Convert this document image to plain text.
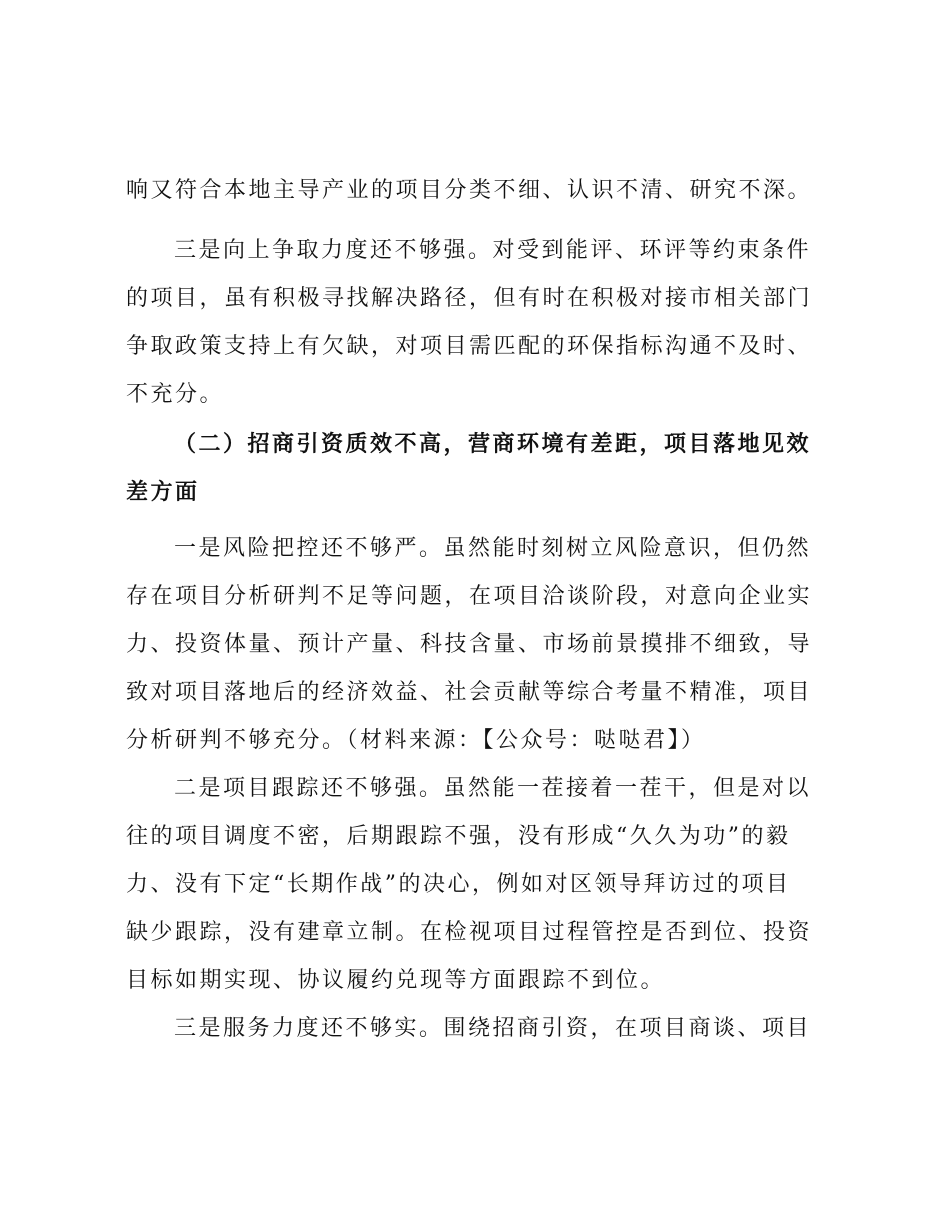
响又符合本地主导产业的项目分类不细、认识不清、研究不深。
三是向上争取力度还不够强。对受到能评、环评等约束条件
的项目，虽有积极寻找解决路径，但有时在积极对接市相关部门
争取政策支持上有欠缺，对项目需匹配的环保指标沟通不及时、
不充分。
（二）招商引资质效不高，营商环境有差距，项目落地见效
差方面
一是风险把控还不够严。虽然能时刻树立风险意识，但仍然
存在项目分析研判不足等问题，在项目洽谈阶段，对意向企业实
力、投资体量、预计产量、科技含量、市场前景摸排不细致，导
致对项目落地后的经济效益、社会贡献等综合考量不精准，项目
分析研判不够充分。（材料来源：【公众号：哒哒君】）
二是项目跟踪还不够强。虽然能一茬接着一茬干，但是对以
往的项目调度不密，后期跟踪不强，没有形成“久久为功”的毅
力、没有下定“长期作战”的决心，例如对区领导拜访过的项目
缺少跟踪，没有建章立制。在检视项目过程管控是否到位、投资
目标如期实现、协议履约兑现等方面跟踪不到位。
三是服务力度还不够实。围绕招商引资，在项目商谈、项目
